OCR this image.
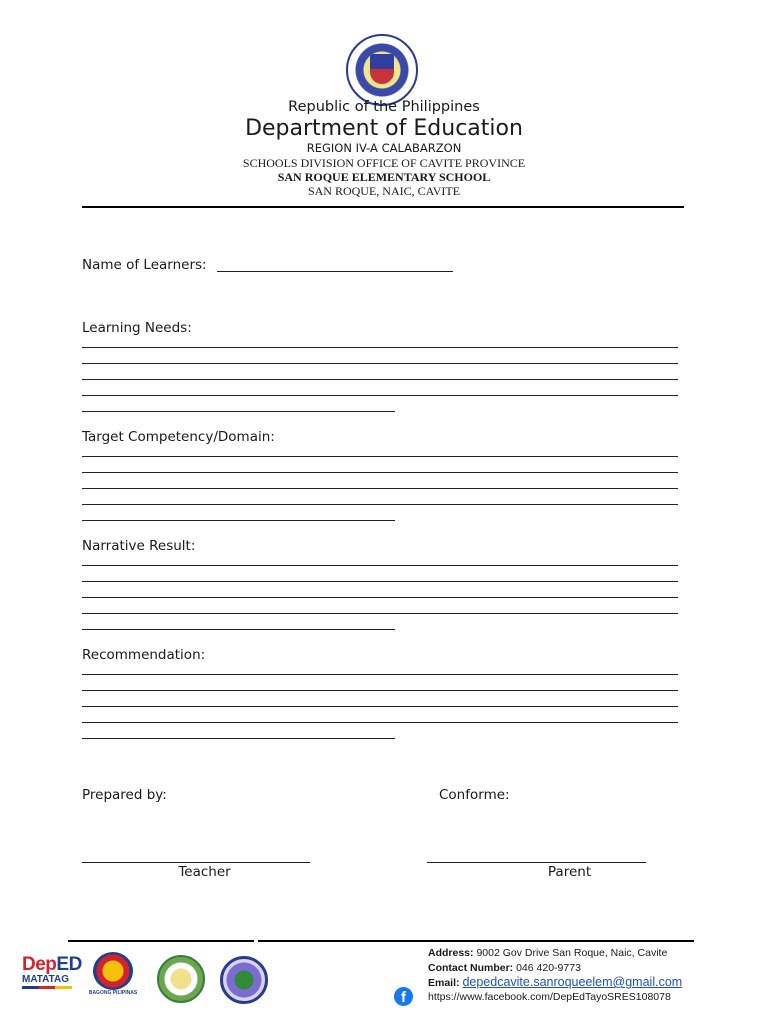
Republic of the Philippines
Department of Education
REGION IV-A CALABARZON
SCHOOLS DIVISION OFFICE OF CAVITE PROVINCE
SAN ROQUE ELEMENTARY SCHOOL
SAN ROQUE, NAIC, CAVITE
Name of Learners:
Learning Needs:
Target Competency/Domain:
Narrative Result:
Recommendation:
Prepared by:	Conforme:
Teacher	Parent
DepED
MATATAG
BAGONG PILIPINAS
Address: 9002 Gov Drive San Roque, Naic, Cavite
Contact Number: 046 420-9773
Email: depedcavite.sanroqueelem@gmail.com
f	https://www.facebook.com/DepEdTayoSRES108078
